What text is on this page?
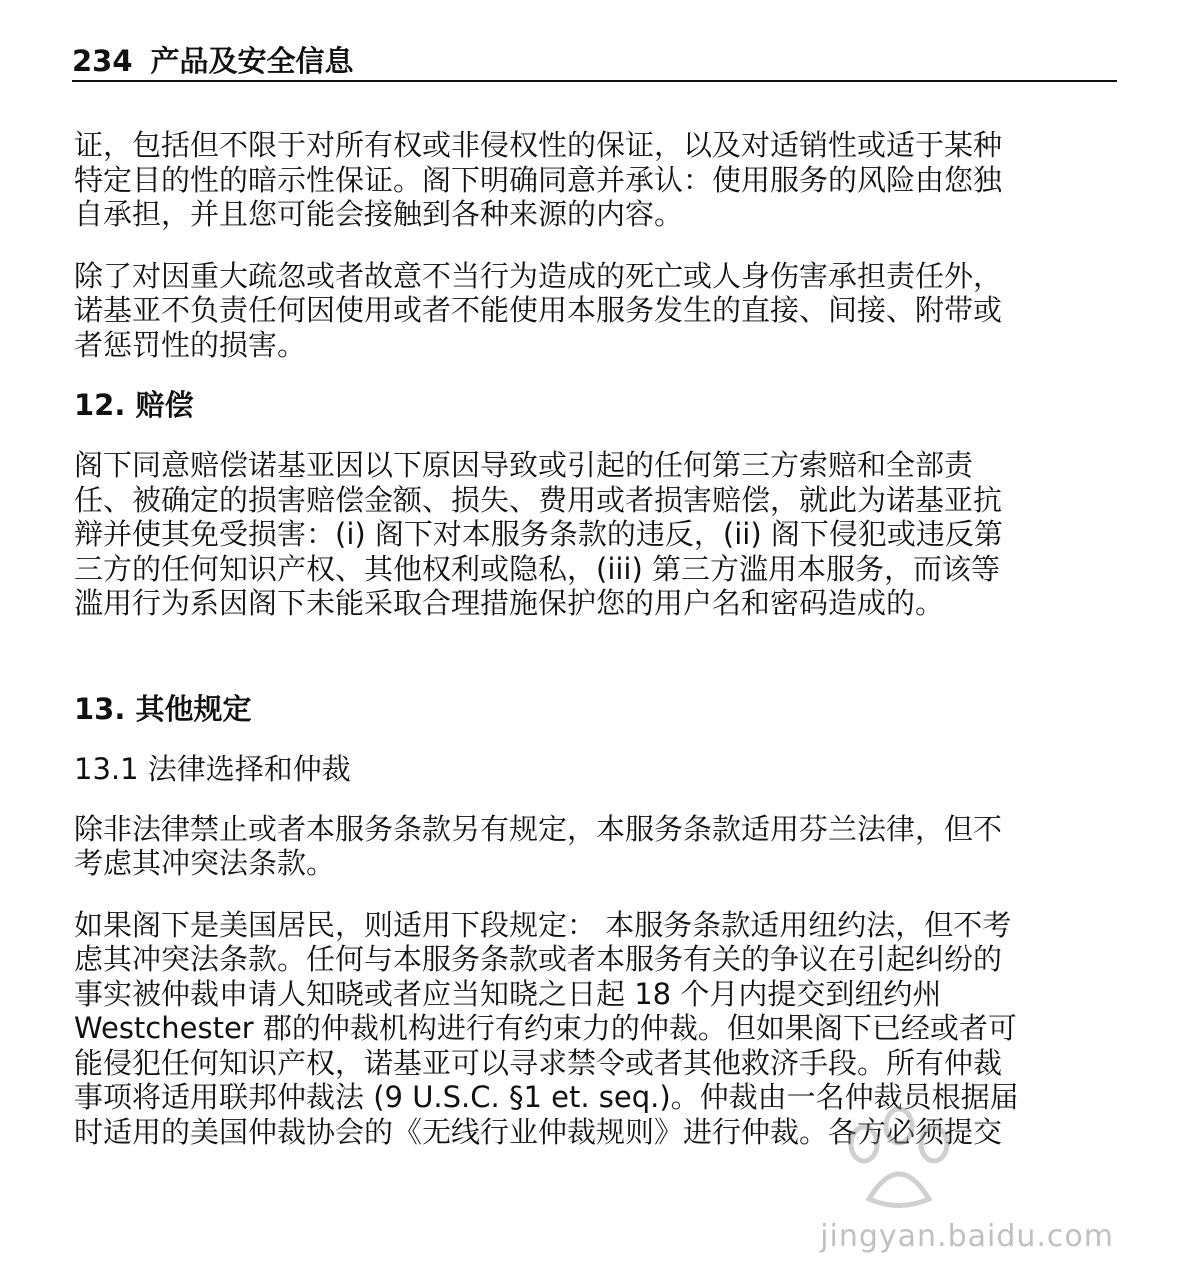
234 产品及安全信息
证，包括但不限于对所有权或非侵权性的保证，以及对适销性或适于某种
特定目的性的暗示性保证。阁下明确同意并承认：使用服务的风险由您独
自承担，并且您可能会接触到各种来源的内容。
除了对因重大疏忽或者故意不当行为造成的死亡或人身伤害承担责任外，
诺基亚不负责任何因使用或者不能使用本服务发生的直接、间接、附带或
者惩罚性的损害。
12. 赔偿
阁下同意赔偿诺基亚因以下原因导致或引起的任何第三方索赔和全部责
任、被确定的损害赔偿金额、损失、费用或者损害赔偿，就此为诺基亚抗
辩并使其免受损害：(i) 阁下对本服务条款的违反，(ii) 阁下侵犯或违反第
三方的任何知识产权、其他权利或隐私，(iii) 第三方滥用本服务，而该等
滥用行为系因阁下未能采取合理措施保护您的用户名和密码造成的。
13. 其他规定
13.1 法律选择和仲裁
除非法律禁止或者本服务条款另有规定，本服务条款适用芬兰法律，但不
考虑其冲突法条款。
如果阁下是美国居民，则适用下段规定： 本服务条款适用纽约法，但不考
虑其冲突法条款。任何与本服务条款或者本服务有关的争议在引起纠纷的
事实被仲裁申请人知晓或者应当知晓之日起 18 个月内提交到纽约州
Westchester 郡的仲裁机构进行有约束力的仲裁。但如果阁下已经或者可
能侵犯任何知识产权，诺基亚可以寻求禁令或者其他救济手段。所有仲裁
事项将适用联邦仲裁法 (9 U.S.C. §1 et. seq.)。仲裁由一名仲裁员根据届
时适用的美国仲裁协会的《无线行业仲裁规则》进行仲裁。各方必须提交
jingyan.baidu.com
